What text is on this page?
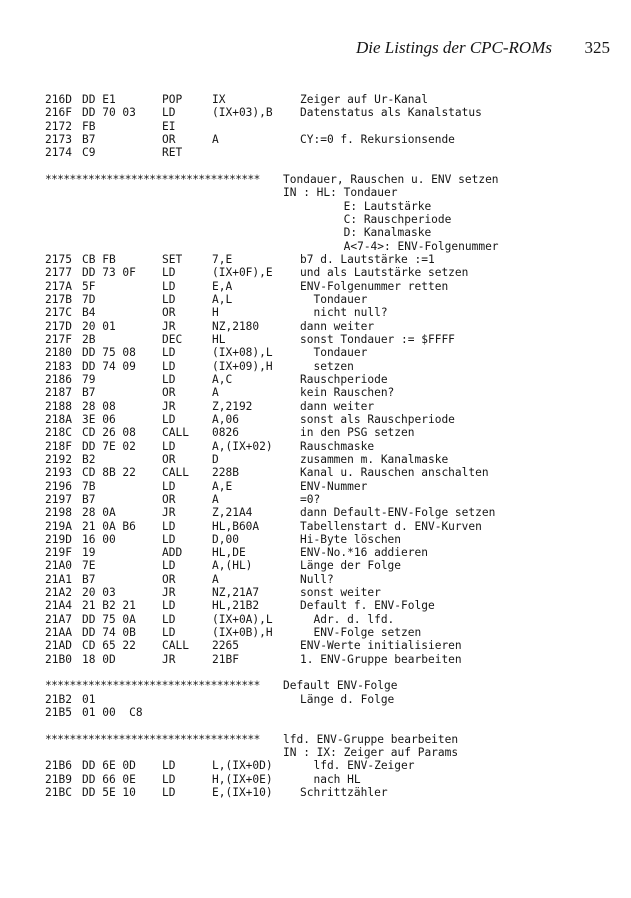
Die Listings der CPC-ROMs 325
216D DD E1	POP	IX	Zeiger auf Ur-Kanal
216F DD 70 03 LD	(IX+03),B Datenstatus als Kanalstatus
2172 FB	EI
2173 B7	OR	A	CY:=0 f. Rekursionsende
2174 C9	RET
*********************************** Tondauer, Rauschen u. ENV setzen
IN : HL: Tondauer
E: Lautstärke
C: Rauschperiode
D: Kanalmaske
A<7-4>: ENV-Folgenummer
2175 CB FB	SET	7,E	b7 d. Lautstärke :=1
2177 DD 73 0F LD	(IX+0F),E und als Lautstärke setzen
217A 5F	LD	E,A	ENV-Folgenummer retten
217B 7D	LD	A,L	Tondauer
217C B4	OR	H	nicht null?
217D 20 01	JR	NZ,2180	dann weiter
217F 2B	DEC	HL	sonst Tondauer := $FFFF
2180 DD 75 08 LD	(IX+08),L Tondauer
2183 DD 74 09 LD	(IX+09),H setzen
2186 79	LD	A,C	Rauschperiode
2187 B7	OR	A	kein Rauschen?
2188 28 08	JR	Z,2192	dann weiter
218A 3E 06	LD	A,06	sonst als Rauschperiode
218C CD 26 08 CALL 0826	in den PSG setzen
218F DD 7E 02 LD	A,(IX+02) Rauschmaske
2192 B2	OR	D	zusammen m. Kanalmaske
2193 CD 8B 22 CALL 228B	Kanal u. Rauschen anschalten
2196 7B	LD	A,E	ENV-Nummer
2197 B7	OR	A	=0?
2198 28 0A	JR	Z,21A4	dann Default-ENV-Folge setzen
219A 21 0A B6 LD	HL,B60A	Tabellenstart d. ENV-Kurven
219D 16 00	LD	D,00	Hi-Byte löschen
219F 19	ADD	HL,DE	ENV-No.*16 addieren
21A0 7E	LD	A,(HL)	Länge der Folge
21A1 B7	OR	A	Null?
21A2 20 03	JR	NZ,21A7	sonst weiter
21A4 21 B2 21 LD	HL,21B2	Default f. ENV-Folge
21A7 DD 75 0A LD	(IX+0A),L Adr. d. lfd.
21AA DD 74 0B LD	(IX+0B),H ENV-Folge setzen
21AD CD 65 22 CALL 2265	ENV-Werte initialisieren
21B0 18 0D	JR	21BF	1. ENV-Gruppe bearbeiten
*********************************** Default ENV-Folge
21B2 01	Länge d. Folge
21B5 01 00  C8
*********************************** lfd. ENV-Gruppe bearbeiten
IN : IX: Zeiger auf Params
21B6 DD 6E 0D LD	L,(IX+0D) lfd. ENV-Zeiger
21B9 DD 66 0E LD	H,(IX+0E) nach HL
21BC DD 5E 10 LD	E,(IX+10) Schrittzähler
